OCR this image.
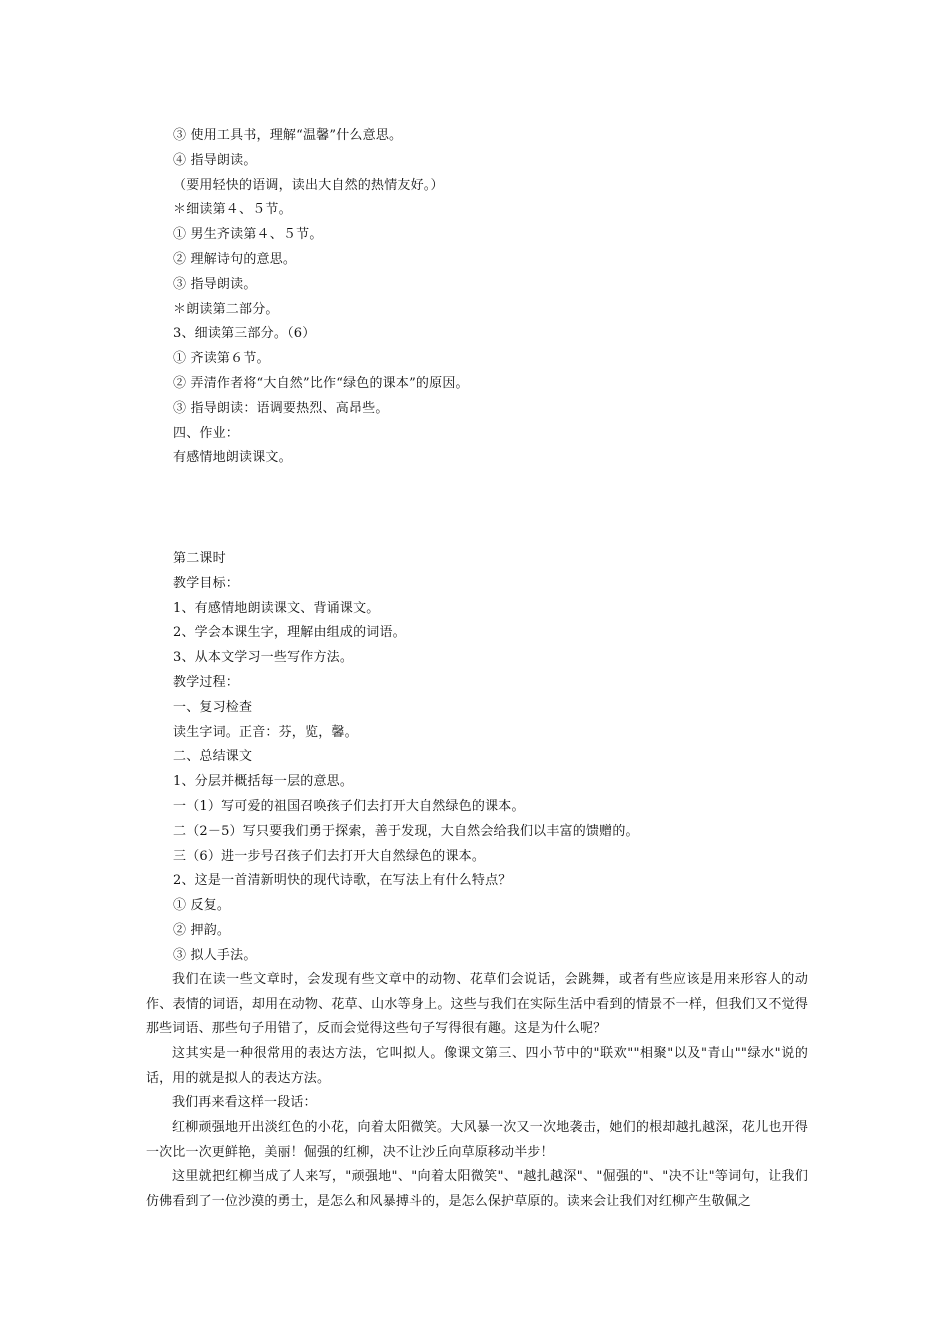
③ 使用工具书，理解“温馨”什么意思。
④ 指导朗读。
（要用轻快的语调，读出大自然的热情友好。）
＊细读第４、５节。
① 男生齐读第４、５节。
② 理解诗句的意思。
③ 指导朗读。
＊朗读第二部分。
3、细读第三部分。（6）
① 齐读第６节。
② 弄清作者将“大自然”比作“绿色的课本”的原因。
③ 指导朗读：语调要热烈、高昂些。
四、作业：
有感情地朗读课文。
第二课时
教学目标：
1、有感情地朗读课文、背诵课文。
2、学会本课生字，理解由组成的词语。
3、从本文学习一些写作方法。
教学过程：
一、复习检查
读生字词。正音：芬，览，馨。
二、总结课文
1、分层并概括每一层的意思。
一（1）写可爱的祖国召唤孩子们去打开大自然绿色的课本。
二（2－5）写只要我们勇于探索，善于发现，大自然会给我们以丰富的馈赠的。
三（6）进一步号召孩子们去打开大自然绿色的课本。
2、这是一首清新明快的现代诗歌，在写法上有什么特点？
① 反复。
② 押韵。
③ 拟人手法。
我们在读一些文章时，会发现有些文章中的动物、花草们会说话，会跳舞，或者有些应该是用来形容人的动作、表情的词语，却用在动物、花草、山水等身上。这些与我们在实际生活中看到的情景不一样，但我们又不觉得那些词语、那些句子用错了，反而会觉得这些句子写得很有趣。这是为什么呢？
这其实是一种很常用的表达方法，它叫拟人。像课文第三、四小节中的"联欢""相聚"以及"青山""绿水"说的话，用的就是拟人的表达方法。
我们再来看这样一段话：
红柳顽强地开出淡红色的小花，向着太阳微笑。大风暴一次又一次地袭击，她们的根却越扎越深，花儿也开得一次比一次更鲜艳，美丽！倔强的红柳，决不让沙丘向草原移动半步！
这里就把红柳当成了人来写，"顽强地"、"向着太阳微笑"、"越扎越深"、"倔强的"、"决不让"等词句，让我们仿佛看到了一位沙漠的勇士，是怎么和风暴搏斗的，是怎么保护草原的。读来会让我们对红柳产生敬佩之
